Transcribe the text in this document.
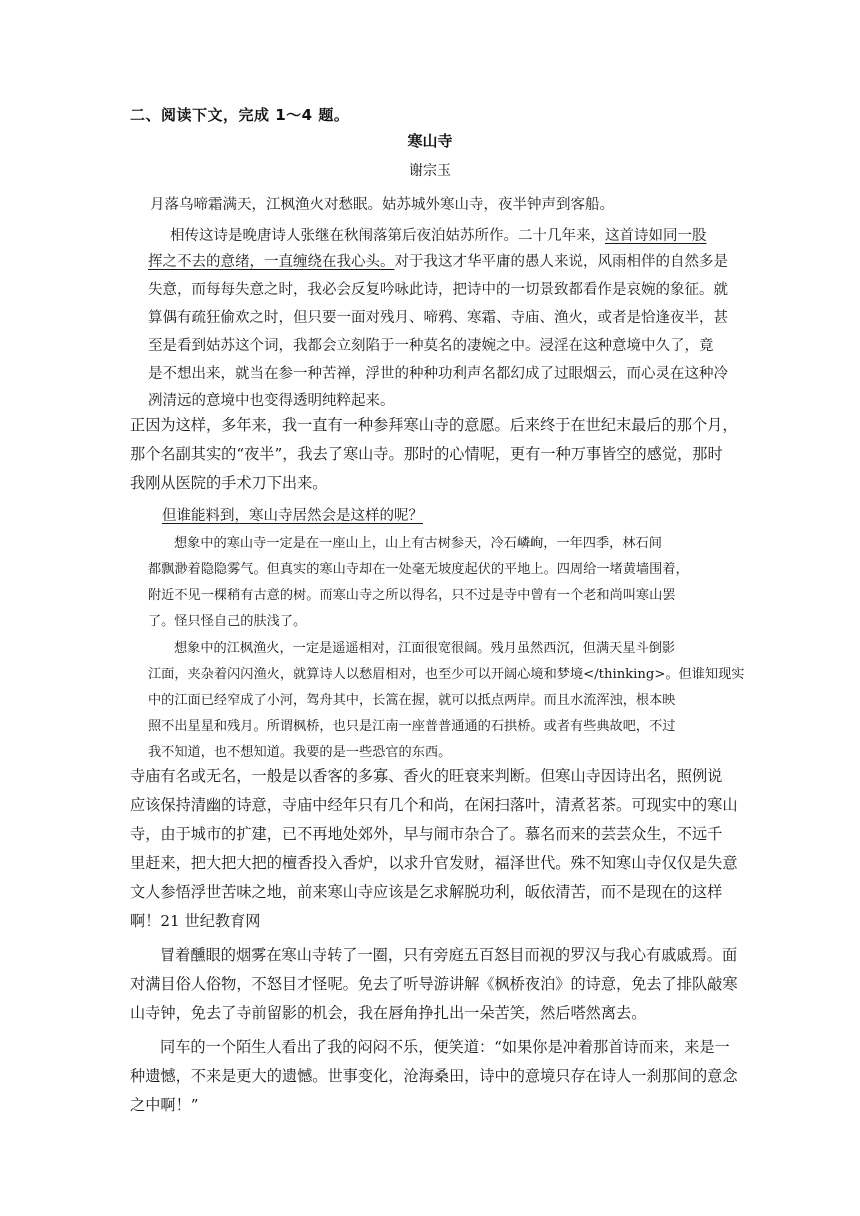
二、阅读下文，完成 1～4 题。
寒山寺
谢宗玉
月落乌啼霜满天，江枫渔火对愁眠。姑苏城外寒山寺，夜半钟声到客船。
相传这诗是晚唐诗人张继在秋闱落第后夜泊姑苏所作。二十几年来，这首诗如同一股
挥之不去的意绪，一直缠绕在我心头。对于我这才华平庸的愚人来说，风雨相伴的自然多是
失意，而每每失意之时，我必会反复吟咏此诗，把诗中的一切景致都看作是哀婉的象征。就
算偶有疏狂偷欢之时，但只要一面对残月、啼鸦、寒霜、寺庙、渔火，或者是恰逢夜半，甚
至是看到姑苏这个词，我都会立刻陷于一种莫名的凄婉之中。浸淫在这种意境中久了，竟
是不想出来，就当在参一种苦禅，浮世的种种功利声名都幻成了过眼烟云，而心灵在这种冷
冽清远的意境中也变得透明纯粹起来。
正因为这样，多年来，我一直有一种参拜寒山寺的意愿。后来终于在世纪末最后的那个月，
那个名副其实的“夜半”，我去了寒山寺。那时的心情呢，更有一种万事皆空的感觉，那时
我刚从医院的手术刀下出来。
但谁能料到，寒山寺居然会是这样的呢？
想象中的寒山寺一定是在一座山上，山上有古树参天，冷石嶙峋，一年四季，林石间
都飘渺着隐隐雾气。但真实的寒山寺却在一处毫无坡度起伏的平地上。四周给一堵黄墙围着，
附近不见一棵稍有古意的树。而寒山寺之所以得名，只不过是寺中曾有一个老和尚叫寒山罢
了。怪只怪自己的肤浅了。
想象中的江枫渔火，一定是遥遥相对，江面很宽很阔。残月虽然西沉，但满天星斗倒影
江面，夹杂着闪闪渔火，就算诗人以愁眉相对，也至少可以开阔心境和梦境</thinking>。但谁知现实
中的江面已经窄成了小河，驾舟其中，长篙在握，就可以抵点两岸。而且水流浑浊，根本映
照不出星星和残月。所谓枫桥，也只是江南一座普普通通的石拱桥。或者有些典故吧，不过
我不知道，也不想知道。我要的是一些恐官的东西。
寺庙有名或无名，一般是以香客的多寡、香火的旺衰来判断。但寒山寺因诗出名，照例说
应该保持清幽的诗意，寺庙中经年只有几个和尚，在闲扫落叶，清煮茗茶。可现实中的寒山
寺，由于城市的扩建，已不再地处郊外，早与闹市杂合了。慕名而来的芸芸众生，不远千
里赶来，把大把大把的檀香投入香炉，以求升官发财，福泽世代。殊不知寒山寺仅仅是失意
文人参悟浮世苦味之地，前来寒山寺应该是乞求解脱功利，皈依清苦，而不是现在的这样
啊！21 世纪教育网
冒着醺眼的烟雾在寒山寺转了一圈，只有旁庭五百怒目而视的罗汉与我心有戚戚焉。面
对满目俗人俗物，不怒目才怪呢。免去了听导游讲解《枫桥夜泊》的诗意，免去了排队敲寒
山寺钟，免去了寺前留影的机会，我在唇角挣扎出一朵苦笑，然后嗒然离去。
同车的一个陌生人看出了我的闷闷不乐，便笑道：“如果你是冲着那首诗而来，来是一
种遗憾，不来是更大的遗憾。世事变化，沧海桑田，诗中的意境只存在诗人一刹那间的意念
之中啊！”
